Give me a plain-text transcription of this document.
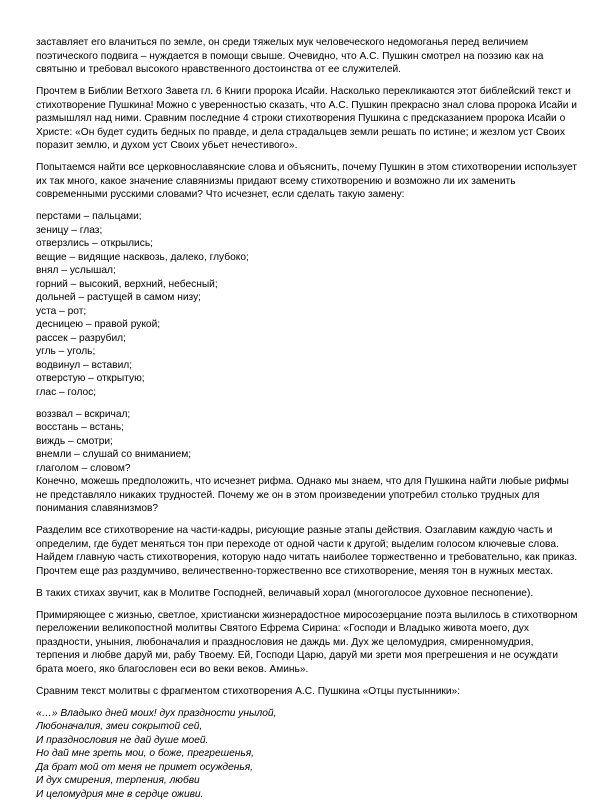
заставляет его влачиться по земле, он среди тяжелых мук человеческого недомоганья перед величием поэтического подвига – нуждается в помощи свыше. Очевидно, что А.С. Пушкин смотрел на поэзию как на святыню и требовал высокого нравственного достоинства от ее служителей.

Прочтем в Библии Ветхого Завета гл. 6 Книги пророка Исайи. Насколько перекликаются этот библейский текст и стихотворение Пушкина! Можно с уверенностью сказать, что А.С. Пушкин прекрасно знал слова пророка Исайи и размышлял над ними. Сравним последние 4 строки стихотворения Пушкина с предсказанием пророка Исайи о Христе: «Он будет судить бедных по правде, и дела страдальцев земли решать по истине; и жезлом уст Своих поразит землю, и духом уст Своих убьет нечестивого».

Попытаемся найти все церковнославянские слова и объяснить, почему Пушкин в этом стихотворении использует их так много, какое значение славянизмы придают всему стихотворению и возможно ли их заменить современными русскими словами? Что исчезнет, если сделать такую замену:

перстами – пальцами;
зеницу – глаз;
отверзлись – открылись;
вещие – видящие насквозь, далеко, глубоко;
внял – услышал;
горний – высокий, верхний, небесный;
дольней – растущей в самом низу;
уста – рот;
десницею – правой рукой;
рассек – разрубил;
угль – уголь;
водвинул – вставил;
отверстую – открытую;
глас – голос;
воззвал – вскричал;
восстань – встань;
виждь – смотри;
внемли – слушай со вниманием;
глаголом – словом?

Конечно, можешь предположить, что исчезнет рифма. Однако мы знаем, что для Пушкина найти любые рифмы не представляло никаких трудностей. Почему же он в этом произведении употребил столько трудных для понимания славянизмов?

Разделим все стихотворение на части-кадры, рисующие разные этапы действия. Озаглавим каждую часть и определим, где будет меняться тон при переходе от одной части к другой; выделим голосом ключевые слова. Найдем главную часть стихотворения, которую надо читать наиболее торжественно и требовательно, как приказ. Прочтем еще раз раздумчиво, величественно-торжественно все стихотворение, меняя тон в нужных местах.

В таких стихах звучит, как в Молитве Господней, величавый хорал (многоголосое духовное песнопение).

Примиряющее с жизнью, светлое, христиански жизнерадостное миросозерцание поэта вылилось в стихотворном переложении великопостной молитвы Святого Ефрема Сирина: «Господи и Владыко живота моего, дух праздности, уныния, любоначалия и празднословия не даждь ми. Дух же целомудрия, смиренномудрия, терпения и любве даруй ми, рабу Твоему. Ей, Господи Царю, даруй ми зрети моя прегрешения и не осуждати брата моего, яко благословен еси во веки веков. Аминь».

Сравним текст молитвы с фрагментом стихотворения А.С. Пушкина «Отцы пустынники»:

«…» Владыко дней моих! дух праздности унылой,
Любоначалия, змеи сокрытой сей,
И празднословия не дай душе моей.
Но дай мне зреть мои, о боже, прегрешенья,
Да брат мой от меня не примет осужденья,
И дух смирения, терпения, любви
И целомудрия мне в сердце оживи.
